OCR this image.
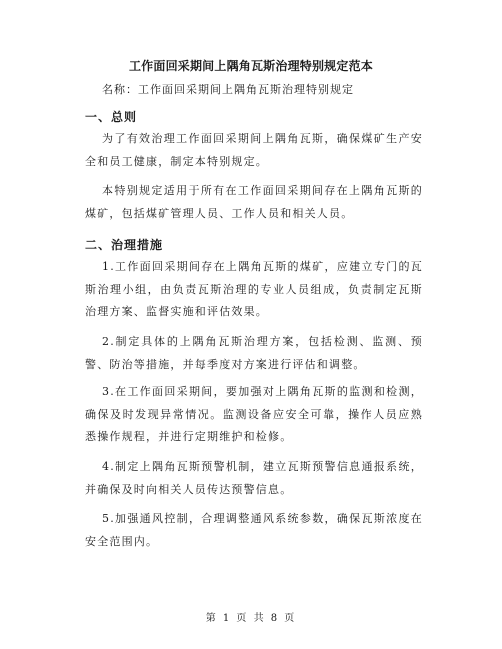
工作面回采期间上隅角瓦斯治理特别规定范本
名称：工作面回采期间上隅角瓦斯治理特别规定
一、总则
为了有效治理工作面回采期间上隅角瓦斯，确保煤矿生产安全和员工健康，制定本特别规定。
本特别规定适用于所有在工作面回采期间存在上隅角瓦斯的煤矿，包括煤矿管理人员、工作人员和相关人员。
二、治理措施
1.工作面回采期间存在上隅角瓦斯的煤矿，应建立专门的瓦斯治理小组，由负责瓦斯治理的专业人员组成，负责制定瓦斯治理方案、监督实施和评估效果。
2.制定具体的上隅角瓦斯治理方案，包括检测、监测、预警、防治等措施，并每季度对方案进行评估和调整。
3.在工作面回采期间，要加强对上隅角瓦斯的监测和检测，确保及时发现异常情况。监测设备应安全可靠，操作人员应熟悉操作规程，并进行定期维护和检修。
4.制定上隅角瓦斯预警机制，建立瓦斯预警信息通报系统，并确保及时向相关人员传达预警信息。
5.加强通风控制，合理调整通风系统参数，确保瓦斯浓度在安全范围内。
第 1 页 共 8 页
